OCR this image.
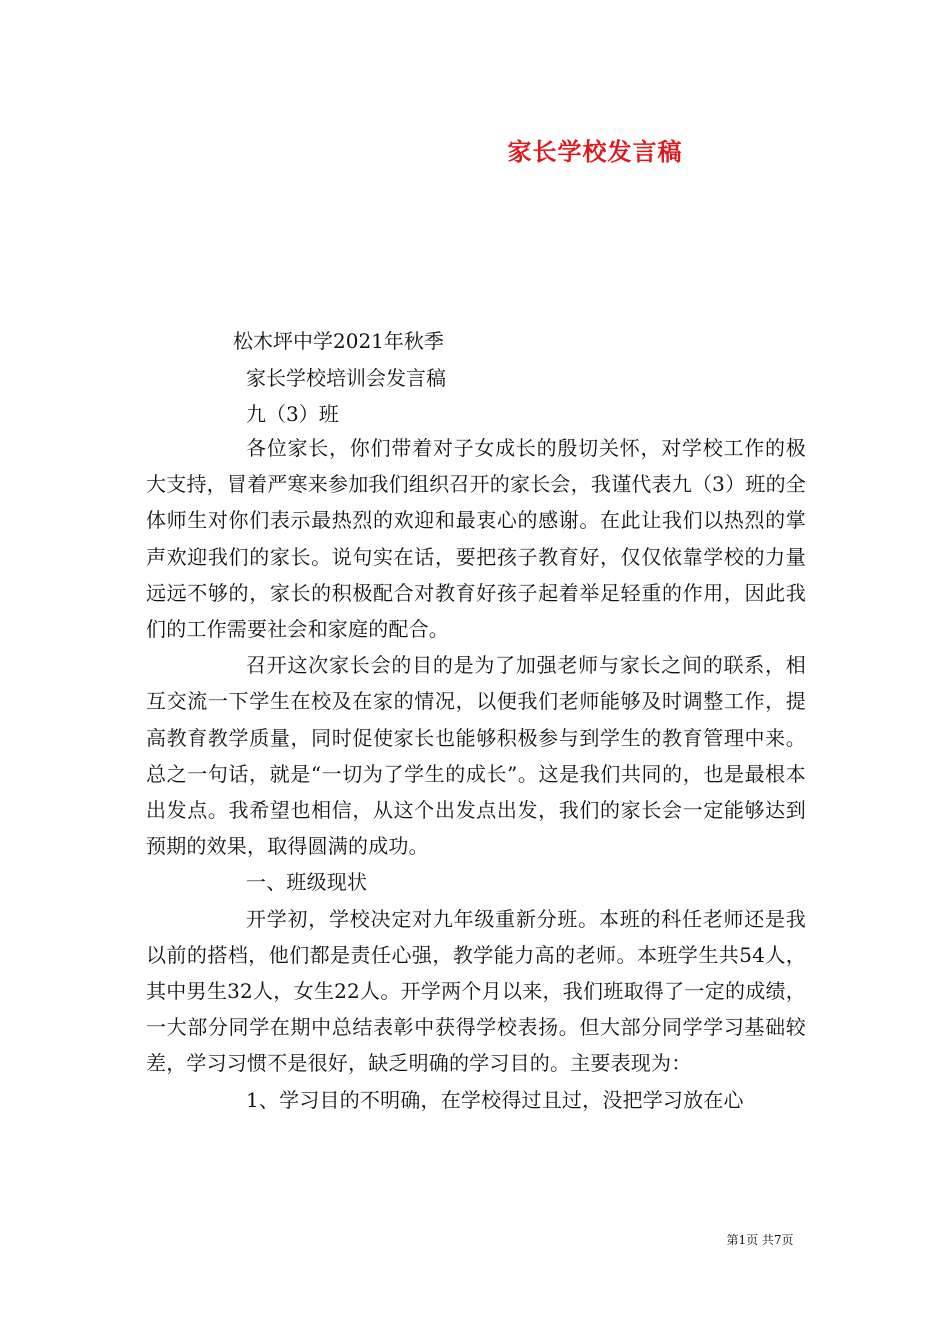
家长学校发言稿
松木坪中学2021年秋季
家长学校培训会发言稿
九（3）班

各位家长，你们带着对子女成长的殷切关怀，对学校工作的极大支持，冒着严寒来参加我们组织召开的家长会，我谨代表九（3）班的全体师生对你们表示最热烈的欢迎和最衷心的感谢。在此让我们以热烈的掌声欢迎我们的家长。说句实在话，要把孩子教育好，仅仅依靠学校的力量远远不够的，家长的积极配合对教育好孩子起着举足轻重的作用，因此我们的工作需要社会和家庭的配合。

召开这次家长会的目的是为了加强老师与家长之间的联系，相互交流一下学生在校及在家的情况，以便我们老师能够及时调整工作，提高教育教学质量，同时促使家长也能够积极参与到学生的教育管理中来。总之一句话，就是“一切为了学生的成长”。这是我们共同的，也是最根本出发点。我希望也相信，从这个出发点出发，我们的家长会一定能够达到预期的效果，取得圆满的成功。

一、班级现状

开学初，学校决定对九年级重新分班。本班的科任老师还是我以前的搭档，他们都是责任心强，教学能力高的老师。本班学生共54人，其中男生32人，女生22人。开学两个月以来，我们班取得了一定的成绩，一大部分同学在期中总结表彰中获得学校表扬。但大部分同学学习基础较差，学习习惯不是很好，缺乏明确的学习目的。主要表现为：

1、学习目的不明确，在学校得过且过，没把学习放在心

第1页 共7页
